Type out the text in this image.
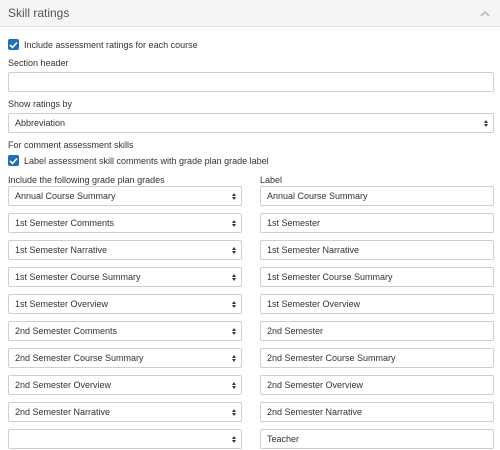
Skill ratings
Include assessment ratings for each course
Section header
Show ratings by
Abbreviation
For comment assessment skills
Label assessment skill comments with grade plan grade label
Include the following grade plan grades	Label
Annual Course Summary
Annual Course Summary
1st Semester Comments
1st Semester
1st Semester Narrative
1st Semester Narrative
1st Semester Course Summary
1st Semester Course Summary
1st Semester Overview
1st Semester Overview
2nd Semester Comments
2nd Semester
2nd Semester Course Summary
2nd Semester Course Summary
2nd Semester Overview
2nd Semester Overview
2nd Semester Narrative
2nd Semester Narrative
Teacher
